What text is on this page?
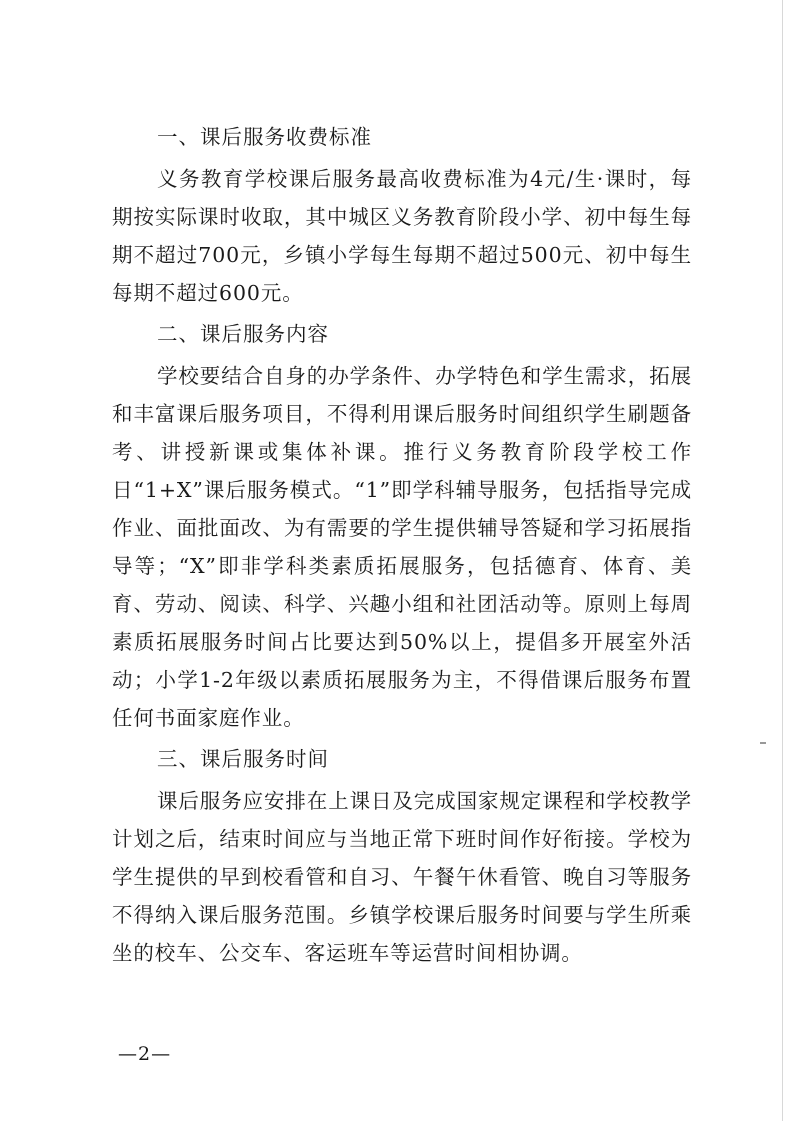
一、课后服务收费标准

义务教育学校课后服务最高收费标准为4元/生·课时，每期按实际课时收取，其中城区义务教育阶段小学、初中每生每期不超过700元，乡镇小学每生每期不超过500元、初中每生每期不超过600元。

二、课后服务内容

学校要结合自身的办学条件、办学特色和学生需求，拓展和丰富课后服务项目，不得利用课后服务时间组织学生刷题备考、讲授新课或集体补课。推行义务教育阶段学校工作日“1+X”课后服务模式。“1”即学科辅导服务，包括指导完成作业、面批面改、为有需要的学生提供辅导答疑和学习拓展指导等；“X”即非学科类素质拓展服务，包括德育、体育、美育、劳动、阅读、科学、兴趣小组和社团活动等。原则上每周素质拓展服务时间占比要达到50%以上，提倡多开展室外活动；小学1-2年级以素质拓展服务为主，不得借课后服务布置任何书面家庭作业。

三、课后服务时间

课后服务应安排在上课日及完成国家规定课程和学校教学计划之后，结束时间应与当地正常下班时间作好衔接。学校为学生提供的早到校看管和自习、午餐午休看管、晚自习等服务不得纳入课后服务范围。乡镇学校课后服务时间要与学生所乘坐的校车、公交车、客运班车等运营时间相协调。

—2—
